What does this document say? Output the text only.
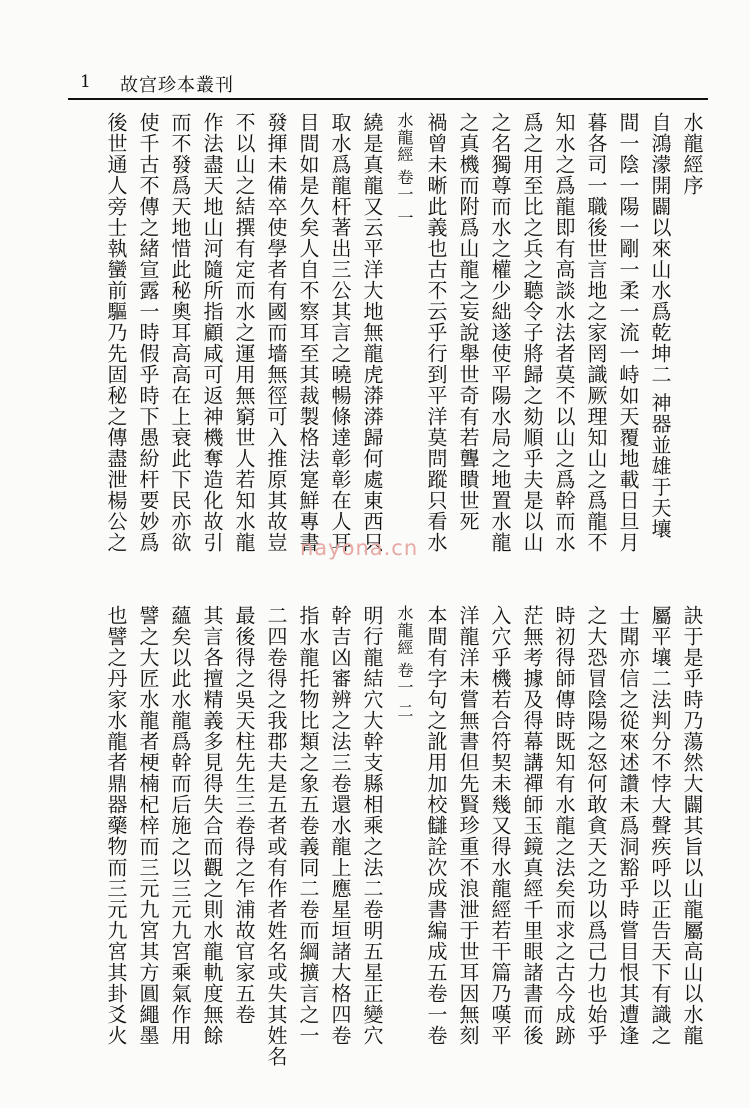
1 故宫珍本叢刊
水龍經序
自鴻濛開闢以來山水爲乾坤二 神器並雄于天壤
間一陰一陽一剛一柔一流一峙如天覆地載日旦月
暮各司一職後世言地之家罔識厥理知山之爲龍不
知水之爲龍即有高談水法者莫不以山之爲幹而水
爲之用至比之兵之聽令子將歸之劾順乎夫是以山
之名獨尊而水之權少絀遂使平陽水局之地置水龍
之真機而附爲山龍之妄說舉世奇有若聾瞶世死
禍曾未晰此義也古不云乎行到平洋莫問蹤只看水
水龍經 卷一 一
繞是真龍又云平洋大地無龍虎漭漭歸何處東西只
取水爲龍杆著出三公其言之曉暢條達彰彰在人耳
目間如是久矣人自不察耳至其裁製格法寔鮮專書
發揮未備卒使學者有國而墻無徑可入推原其故豈
不以山之結撰有定而水之運用無窮世人若知水龍
作法盡天地山河隨所指顧咸可返神機奪造化故引
而不發爲天地惜此秘奧耳高高在上衰此下民亦欲
使千古不傳之緒宣露一時假乎時下愚紛杆要妙爲
後世通人旁士執蠻前驅乃先固秘之傳盡泄楊公之	nayona.cn
訣于是乎時乃蕩然大闢其旨以山龍屬高山以水龍
屬平壤二法判分不悖大聲疾呼以正告天下有識之
士聞亦信之從來述讚未爲洞豁乎時嘗目恨其遭逢
之大恐冒陰陽之怒何敢貪天之功以爲己力也始乎
時初得師傳時既知有水龍之法矣而求之古今成跡
茫無考據及得幕講禪師玉鏡真經千里眼諸書而後
入穴乎機若合符契未幾又得水龍經若干篇乃嘆平
洋龍洋未嘗無書但先賢珍重不浪泄于世耳因無刻
本間有字句之訛用加校讎詮次成書編成五卷一卷
水龍經 卷一 二
明行龍結穴大幹支縣相乘之法二卷明五星正變穴
幹吉凶審辨之法三卷還水龍上應星垣諸大格四卷
指水龍托物比類之象五卷義同二卷而綱擴言之一
二四卷得之我郡夫是五者或有作者姓名或失其姓名
最後得之吳天柱先生三卷得之乍浦故官家五卷
其言各擅精義多見得失合而觀之則水龍軌度無餘
蘊矣以此水龍爲幹而后施之以三元九宮乘氣作用
譬之大匠水龍者梗楠杞梓而三元九宮其方圓繩墨
也譬之丹家水龍者鼎器藥物而三元九宮其卦爻火
